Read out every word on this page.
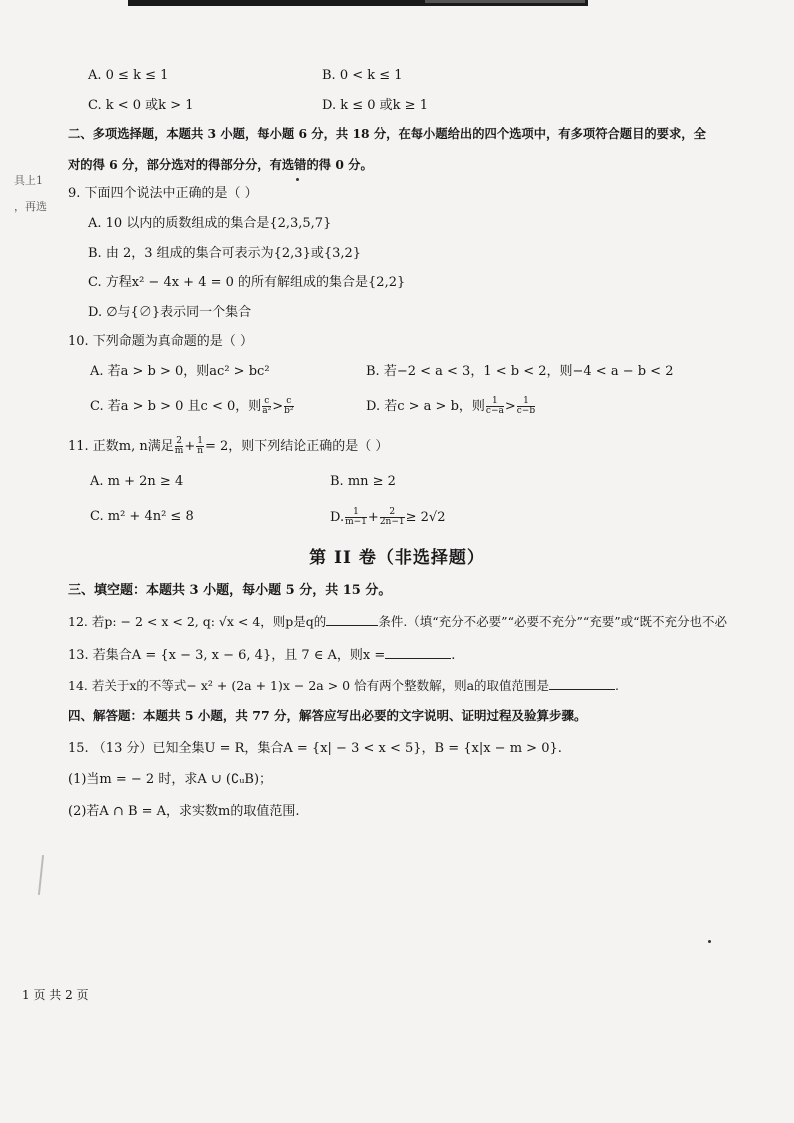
具上1
，再选
A. 0 ≤ k ≤ 1	B. 0 < k ≤ 1
C. k < 0 或k > 1	D. k ≤ 0 或k ≥ 1
二、多项选择题，本题共 3 小题，每小题 6 分，共 18 分，在每小题给出的四个选项中，有多项符合题目的要求，全
对的得 6 分，部分选对的得部分分，有选错的得 0 分。
9. 下面四个说法中正确的是（ ）
A. 10 以内的质数组成的集合是{2,3,5,7}
B. 由 2，3 组成的集合可表示为{2,3}或{3,2}
C. 方程x² − 4x + 4 = 0 的所有解组成的集合是{2,2}
D. ∅与{∅}表示同一个集合
10. 下列命题为真命题的是（ ）
A. 若a > b > 0，则ac² > bc²	B. 若−2 < a < 3，1 < b < 2，则−4 < a − b < 2
C. 若a > b > 0 且c < 0，则 $\frac{c}{\text{a²}} > \frac{c}{\text{b²}}$	D. 若c > a > b，则 $\frac{1}{c-a} > \frac{1}{c-b}$
11. 正数m, n满足 $\frac{2}{m} + \frac{1}{n} = 2$，则下列结论正确的是（ ）
A. m + 2n ≥ 4	B. mn ≥ 2
C. m² + 4n² ≤ 8	D. $\frac{1}{m-1} + \frac{2}{2n-1} \ge 2√2$
第 II 卷（非选择题）
三、填空题：本题共 3 小题，每小题 5 分，共 15 分。
12. 若p: − 2 < x < 2, q: √x < 4，则p是q的	条件.（填“充分不必要”“必要不充分”“充要”或“既不充分也不必
13. 若集合A = {x − 3, x − 6, 4}，且 7 ∈ A，则x =	.
14. 若关于x的不等式− x² + (2a + 1)x − 2a > 0 恰有两个整数解，则a的取值范围是	.
四、解答题：本题共 5 小题，共 77 分，解答应写出必要的文字说明、证明过程及验算步骤。
15. （13 分）已知全集U = R，集合A = {x| − 3 < x < 5}，B = {x|x − m > 0}.
(1)当m = − 2 时，求A ∪ (∁ᵤB)；
(2)若A ∩ B = A，求实数m的取值范围.
1 页 共 2 页
